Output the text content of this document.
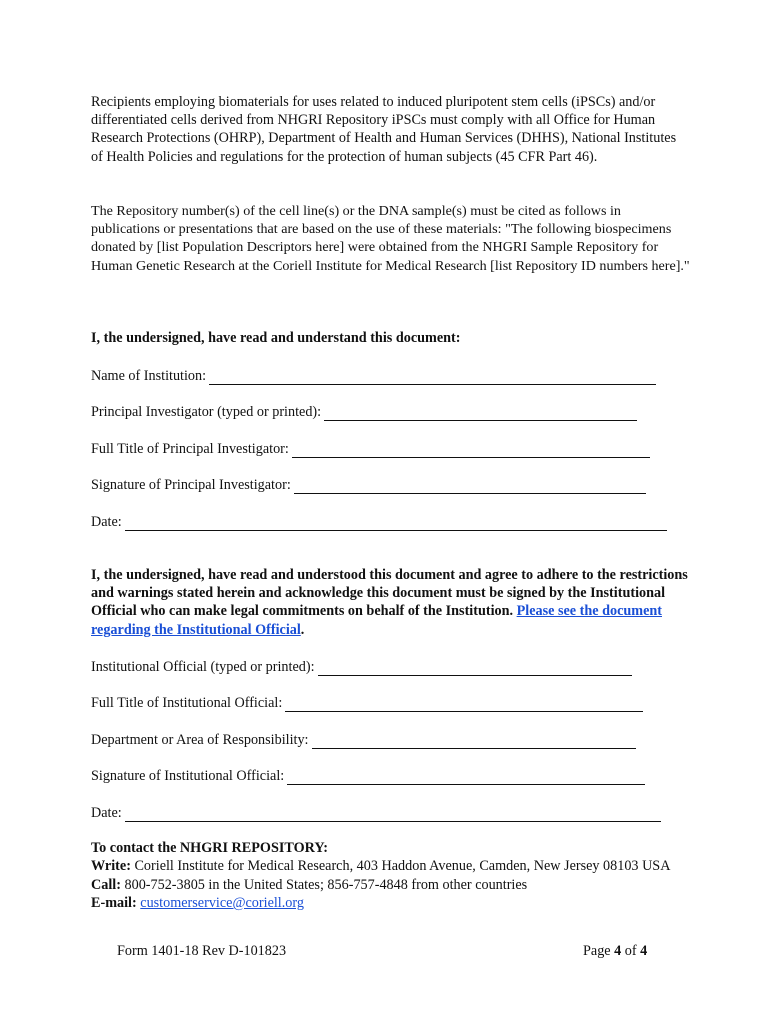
Recipients employing biomaterials for uses related to induced pluripotent stem cells (iPSCs) and/or differentiated cells derived from NHGRI Repository iPSCs must comply with all Office for Human Research Protections (OHRP), Department of Health and Human Services (DHHS), National Institutes of Health Policies and regulations for the protection of human subjects (45 CFR Part 46).

The Repository number(s) of the cell line(s) or the DNA sample(s) must be cited as follows in publications or presentations that are based on the use of these materials: "The following biospecimens donated by [list Population Descriptors here] were obtained from the NHGRI Sample Repository for Human Genetic Research at the Coriell Institute for Medical Research [list Repository ID numbers here]."

I, the undersigned, have read and understand this document:

Name of Institution:
Principal Investigator (typed or printed):
Full Title of Principal Investigator:
Signature of Principal Investigator:
Date:

I, the undersigned, have read and understood this document and agree to adhere to the restrictions and warnings stated herein and acknowledge this document must be signed by the Institutional Official who can make legal commitments on behalf of the Institution. Please see the document regarding the Institutional Official.

Institutional Official (typed or printed):
Full Title of Institutional Official:
Department or Area of Responsibility:
Signature of Institutional Official:
Date:
To contact the NHGRI REPOSITORY:
Write: Coriell Institute for Medical Research, 403 Haddon Avenue, Camden, New Jersey 08103 USA
Call: 800-752-3805 in the United States; 856-757-4848 from other countries
E-mail: customerservice@coriell.org
Form 1401-18 Rev D-101823	Page 4 of 4
